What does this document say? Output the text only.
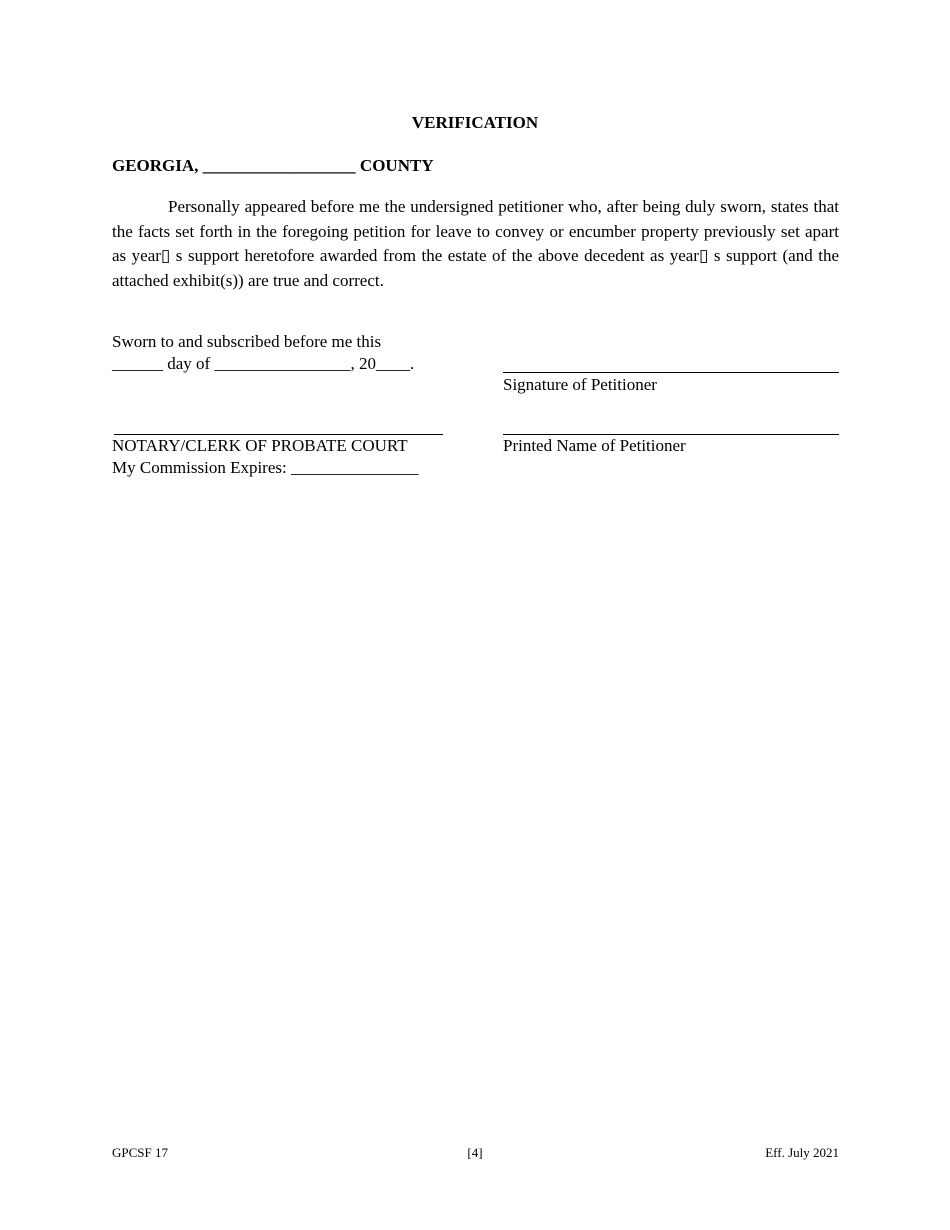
VERIFICATION
GEORGIA, __________________ COUNTY
Personally appeared before me the undersigned petitioner who, after being duly sworn, states that the facts set forth in the foregoing petition for leave to convey or encumber property previously set apart as year▯ s support heretofore awarded from the estate of the above decedent as year▯ s support (and the attached exhibit(s)) are true and correct.
Sworn to and subscribed before me this
______ day of ________________, 20____.
Signature of Petitioner
Printed Name of Petitioner
NOTARY/CLERK OF PROBATE COURT
My Commission Expires: _______________
GPCSF 17	[4]	Eff. July 2021
